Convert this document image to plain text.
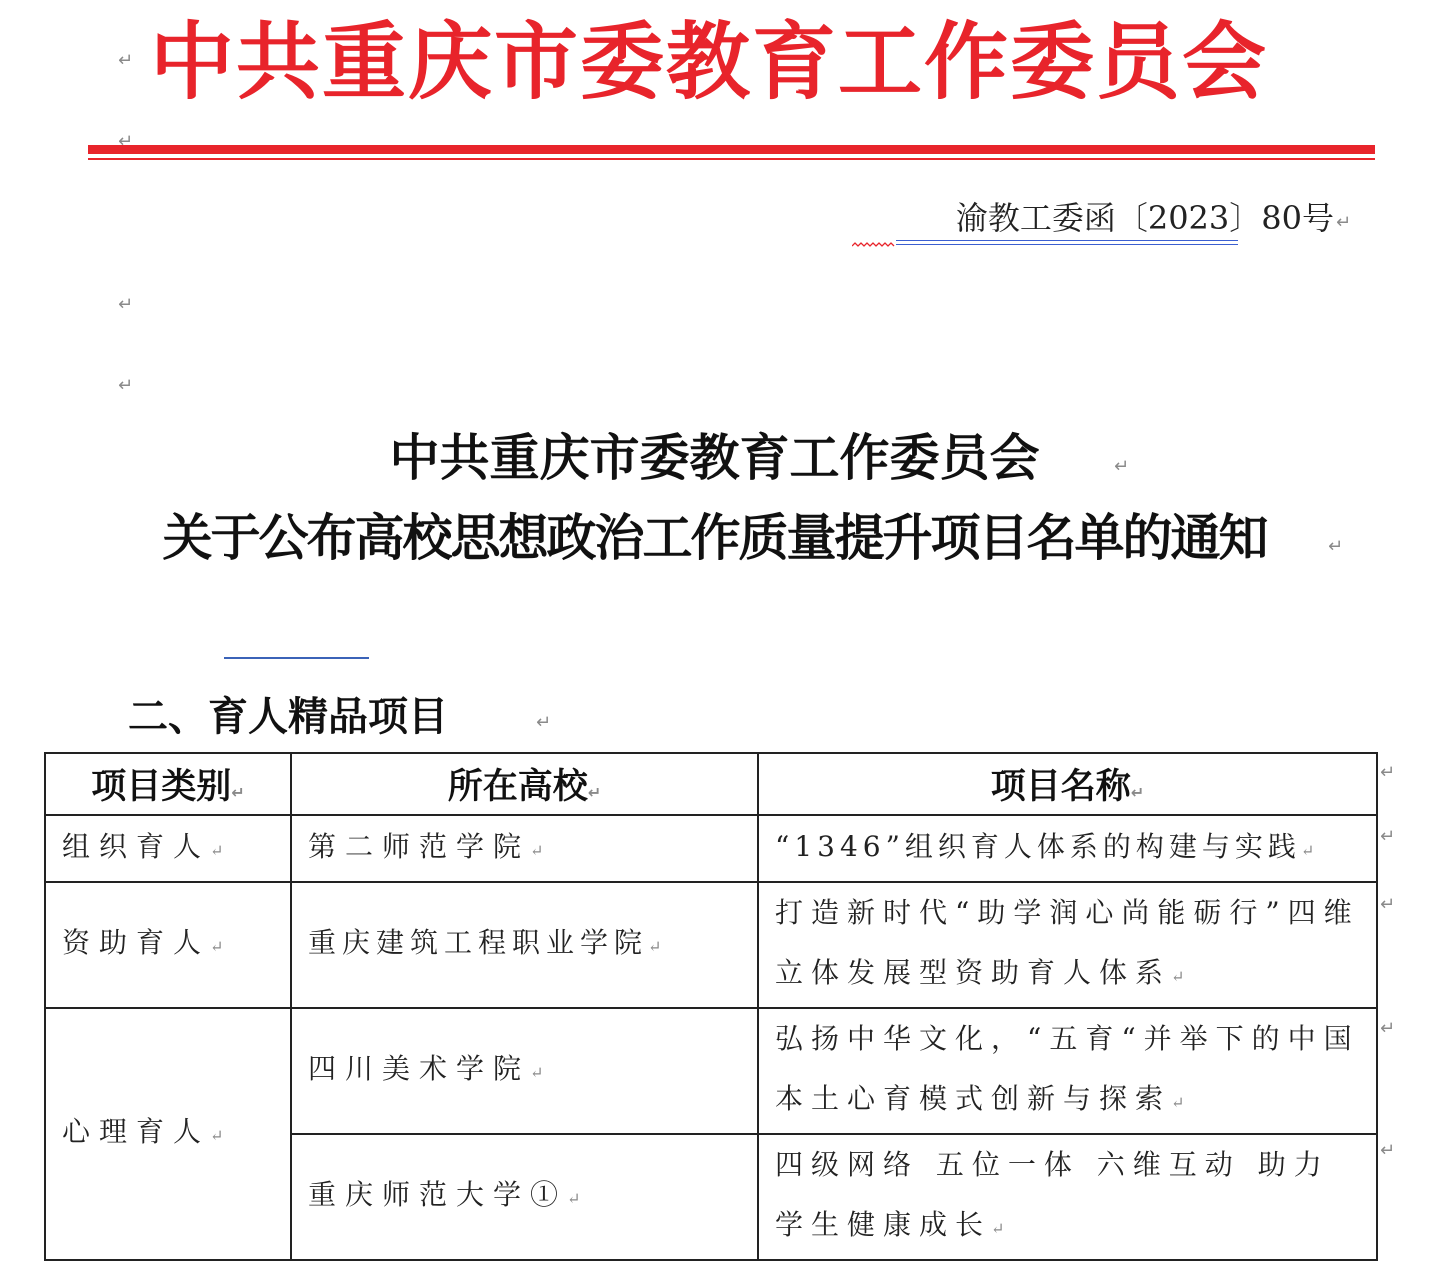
↵
↵
↵
↵
↵
↵
↵
↵
中共重庆市委教育工作委员会
渝教工委函〔2023〕80号
中共重庆市委教育工作委员会
关于公布高校思想政治工作质量提升项目名单的通知
二、育人精品项目
项目类别 ↵	所在高校 ↵	项目名称 ↵
组织育人 ↵	第二师范学院 ↵	“1346”组织育人体系的构建与实践 ↵
资助育人 ↵	重庆建筑工程职业学院 ↵	打造新时代“助学润心尚能砺行”四维立体发展型资助育人体系 ↵
心理育人 ↵	四川美术学院 ↵	弘扬中华文化，“五育“并举下的中国本土心育模式创新与探索 ↵
	重庆师范大学① ↵	四级网络 五位一体 六维互动 助力学生健康成长 ↵
↵
↵
↵
↵
↵
